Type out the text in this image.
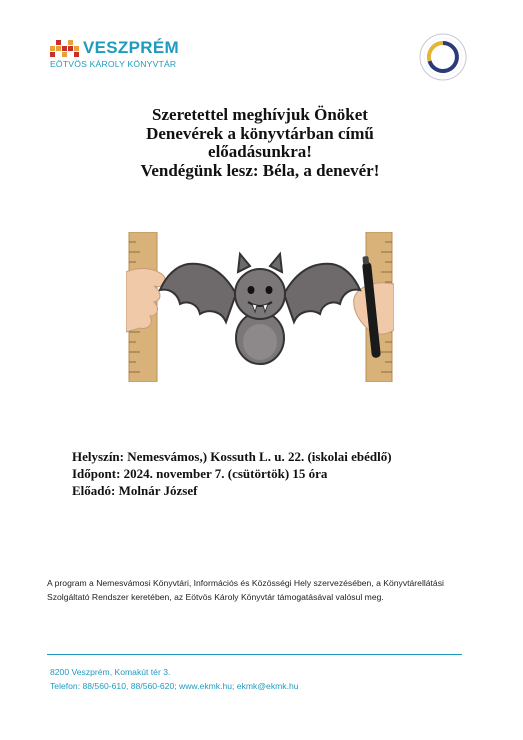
VESZPRÉM
EÖTVÖS KÁROLY KÖNYVTÁR
Szeretettel meghívjuk Önöket
Denevérek a könyvtárban című
előadásunkra!
Vendégünk lesz: Béla, a denevér!
Helyszín: Nemesvámos,) Kossuth L. u. 22. (iskolai ebédlő)
Időpont: 2024. november 7. (csütörtök) 15 óra
Előadó: Molnár József
A program a Nemesvámosi Könyvtári, Információs és Közösségi Hely szervezésében, a Könyvtárellátási Szolgáltató Rendszer keretében, az Eötvös Károly Könyvtár támogatásával valósul meg.
8200 Veszprém, Komakút tér 3.
Telefon: 88/560-610, 88/560-620; www.ekmk.hu; ekmk@ekmk.hu
